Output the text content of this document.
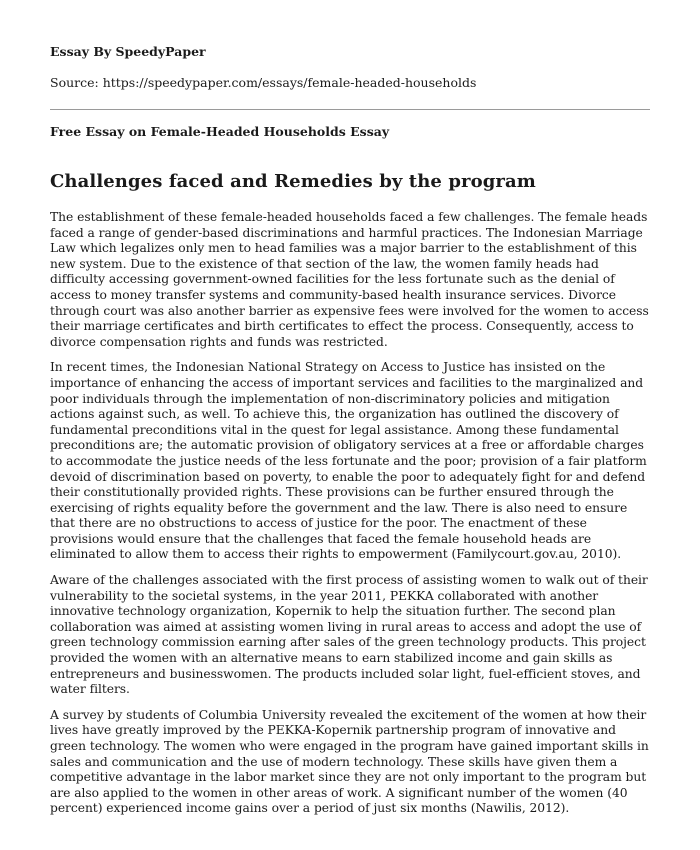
Essay By SpeedyPaper
Source: https://speedypaper.com/essays/female-headed-households
Free Essay on Female-Headed Households Essay
Challenges faced and Remedies by the program

The establishment of these female-headed households faced a few challenges. The female heads faced a range of gender-based discriminations and harmful practices. The Indonesian Marriage Law which legalizes only men to head families was a major barrier to the establishment of this new system. Due to the existence of that section of the law, the women family heads had difficulty accessing government-owned facilities for the less fortunate such as the denial of access to money transfer systems and community-based health insurance services. Divorce through court was also another barrier as expensive fees were involved for the women to access their marriage certificates and birth certificates to effect the process. Consequently, access to divorce compensation rights and funds was restricted.

In recent times, the Indonesian National Strategy on Access to Justice has insisted on the importance of enhancing the access of important services and facilities to the marginalized and poor individuals through the implementation of non-discriminatory policies and mitigation actions against such, as well. To achieve this, the organization has outlined the discovery of fundamental preconditions vital in the quest for legal assistance. Among these fundamental preconditions are; the automatic provision of obligatory services at a free or affordable charges to accommodate the justice needs of the less fortunate and the poor; provision of a fair platform devoid of discrimination based on poverty, to enable the poor to adequately fight for and defend their constitutionally provided rights. These provisions can be further ensured through the exercising of rights equality before the government and the law. There is also need to ensure that there are no obstructions to access of justice for the poor. The enactment of these provisions would ensure that the challenges that faced the female household heads are eliminated to allow them to access their rights to empowerment (Familycourt.gov.au, 2010).

Aware of the challenges associated with the first process of assisting women to walk out of their vulnerability to the societal systems, in the year 2011, PEKKA collaborated with another innovative technology organization, Kopernik to help the situation further. The second plan collaboration was aimed at assisting women living in rural areas to access and adopt the use of green technology commission earning after sales of the green technology products. This project provided the women with an alternative means to earn stabilized income and gain skills as entrepreneurs and businesswomen. The products included solar light, fuel-efficient stoves, and water filters.

A survey by students of Columbia University revealed the excitement of the women at how their lives have greatly improved by the PEKKA-Kopernik partnership program of innovative and green technology. The women who were engaged in the program have gained important skills in sales and communication and the use of modern technology. These skills have given them a competitive advantage in the labor market since they are not only important to the program but are also applied to the women in other areas of work. A significant number of the women (40 percent) experienced income gains over a period of just six months (Nawilis, 2012).
